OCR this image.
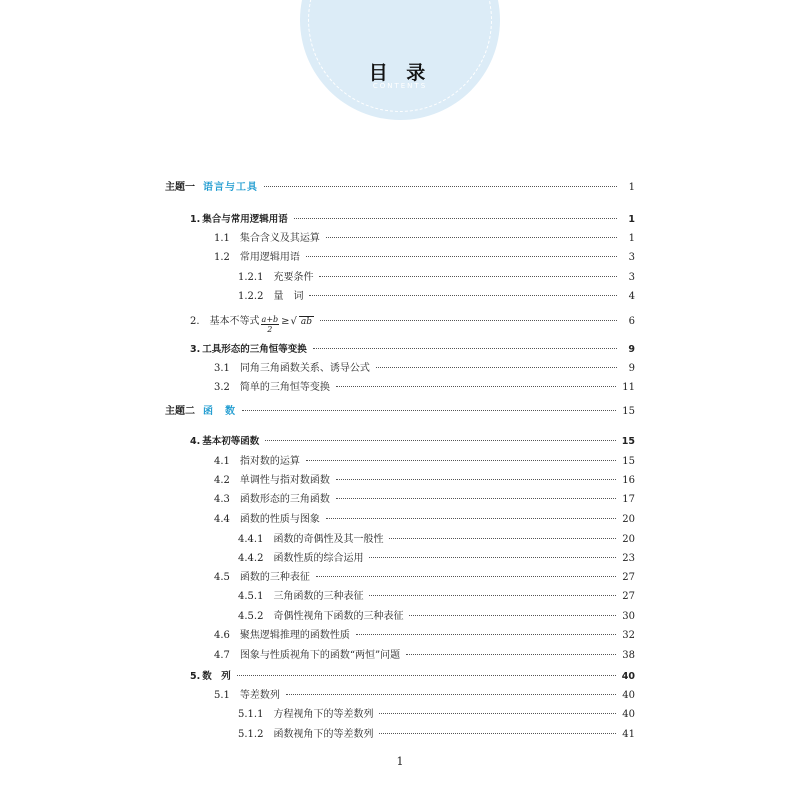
目 录
CONTENTS
主题一 语言与工具	1
1. 集合与常用逻辑用语	1
1.1 集合含义及其运算	1
1.2 常用逻辑用语	3
1.2.1 充要条件	3
1.2.2 量　词	4
2. 基本不等式 $\frac{a+b}{2}$ ≥ √ ab	6
3. 工具形态的三角恒等变换	9
3.1 同角三角函数关系、诱导公式	9
3.2 简单的三角恒等变换	11
主题二 函　数	15
4. 基本初等函数	15
4.1 指对数的运算	15
4.2 单调性与指对数函数	16
4.3 函数形态的三角函数	17
4.4 函数的性质与图象	20
4.4.1 函数的奇偶性及其一般性	20
4.4.2 函数性质的综合运用	23
4.5 函数的三种表征	27
4.5.1 三角函数的三种表征	27
4.5.2 奇偶性视角下函数的三种表征	30
4.6 聚焦逻辑推理的函数性质	32
4.7 图象与性质视角下的函数“两恒”问题	38
5. 数　列	40
5.1 等差数列	40
5.1.1 方程视角下的等差数列	40
5.1.2 函数视角下的等差数列	41
1
